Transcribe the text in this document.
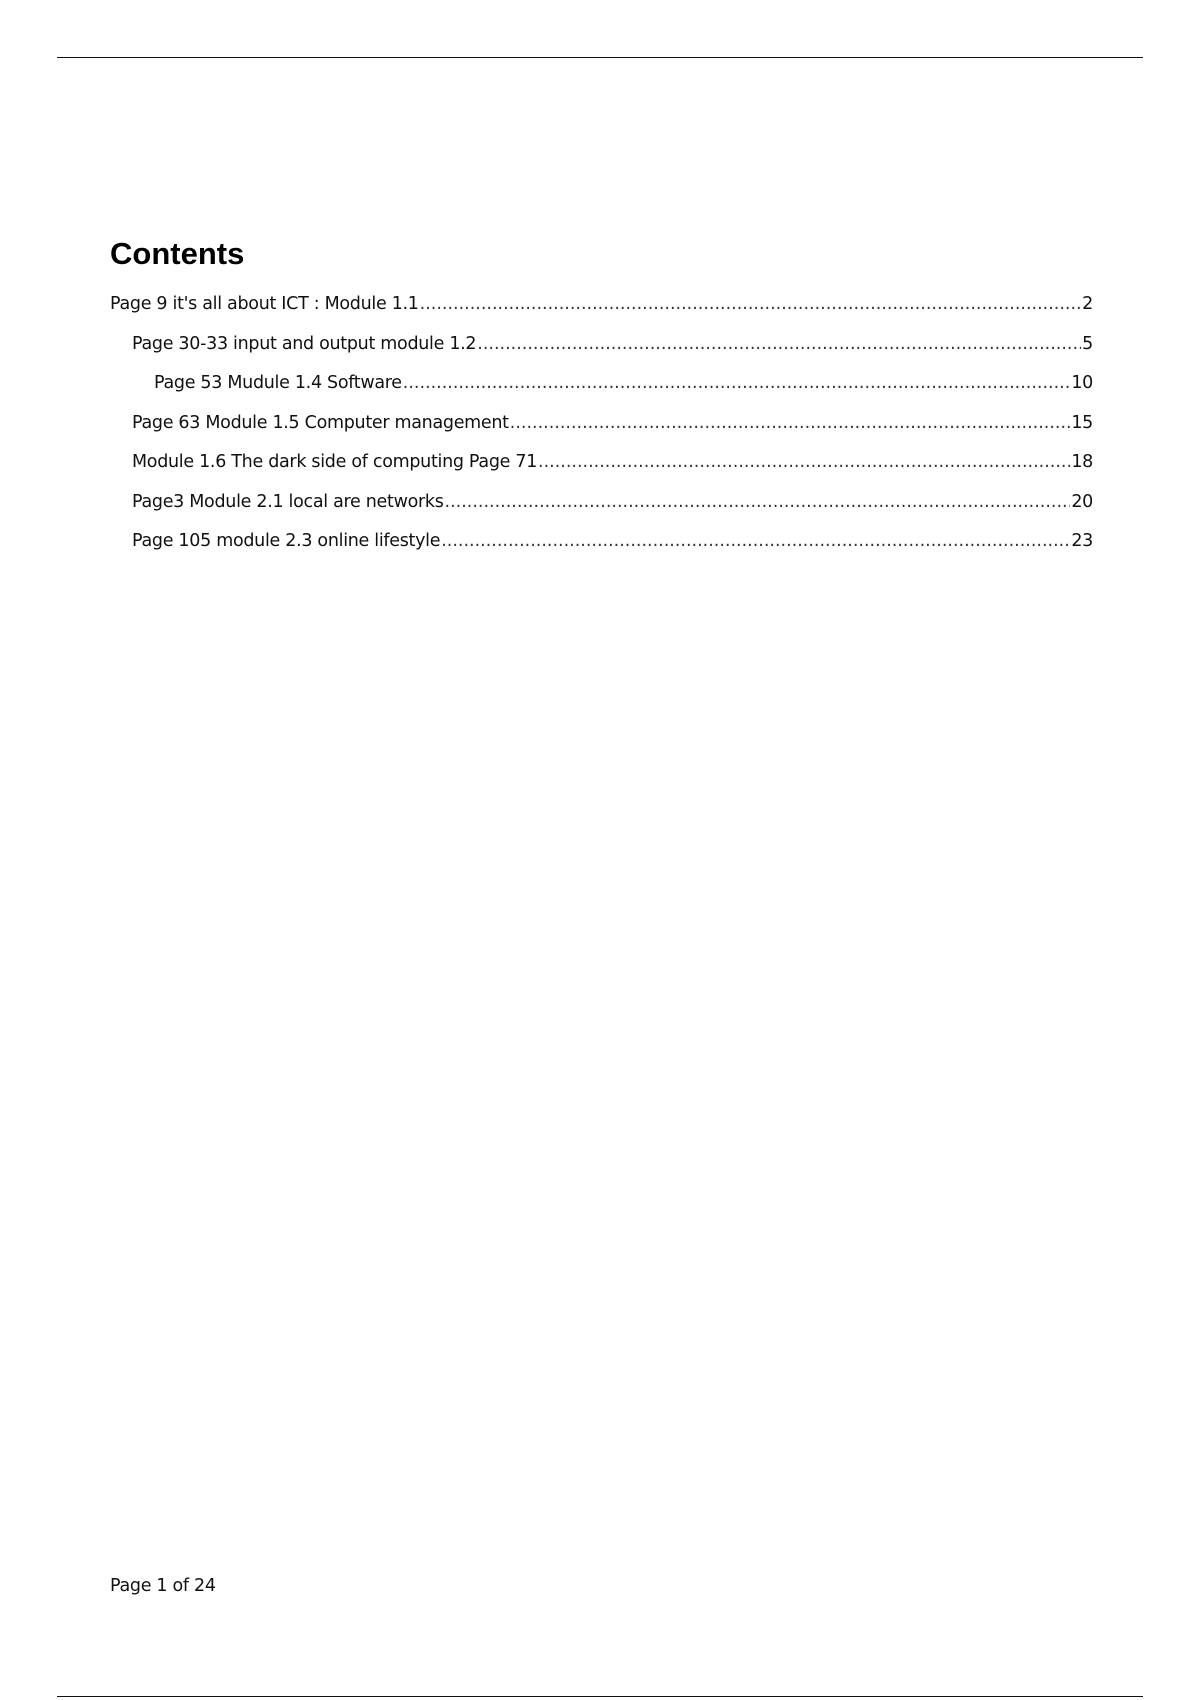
Contents
Page 9 it's all about ICT : Module 1.1 .....	2
Page 30-33 input and output module 1.2 .....	5
Page 53 Mudule 1.4 Software .....	10
Page 63 Module 1.5 Computer management .....	15
Module 1.6 The dark side of computing Page 71 .....	18
Page3 Module 2.1 local are networks .....	20
Page 105 module 2.3 online lifestyle .....	23
Page 1 of 24
